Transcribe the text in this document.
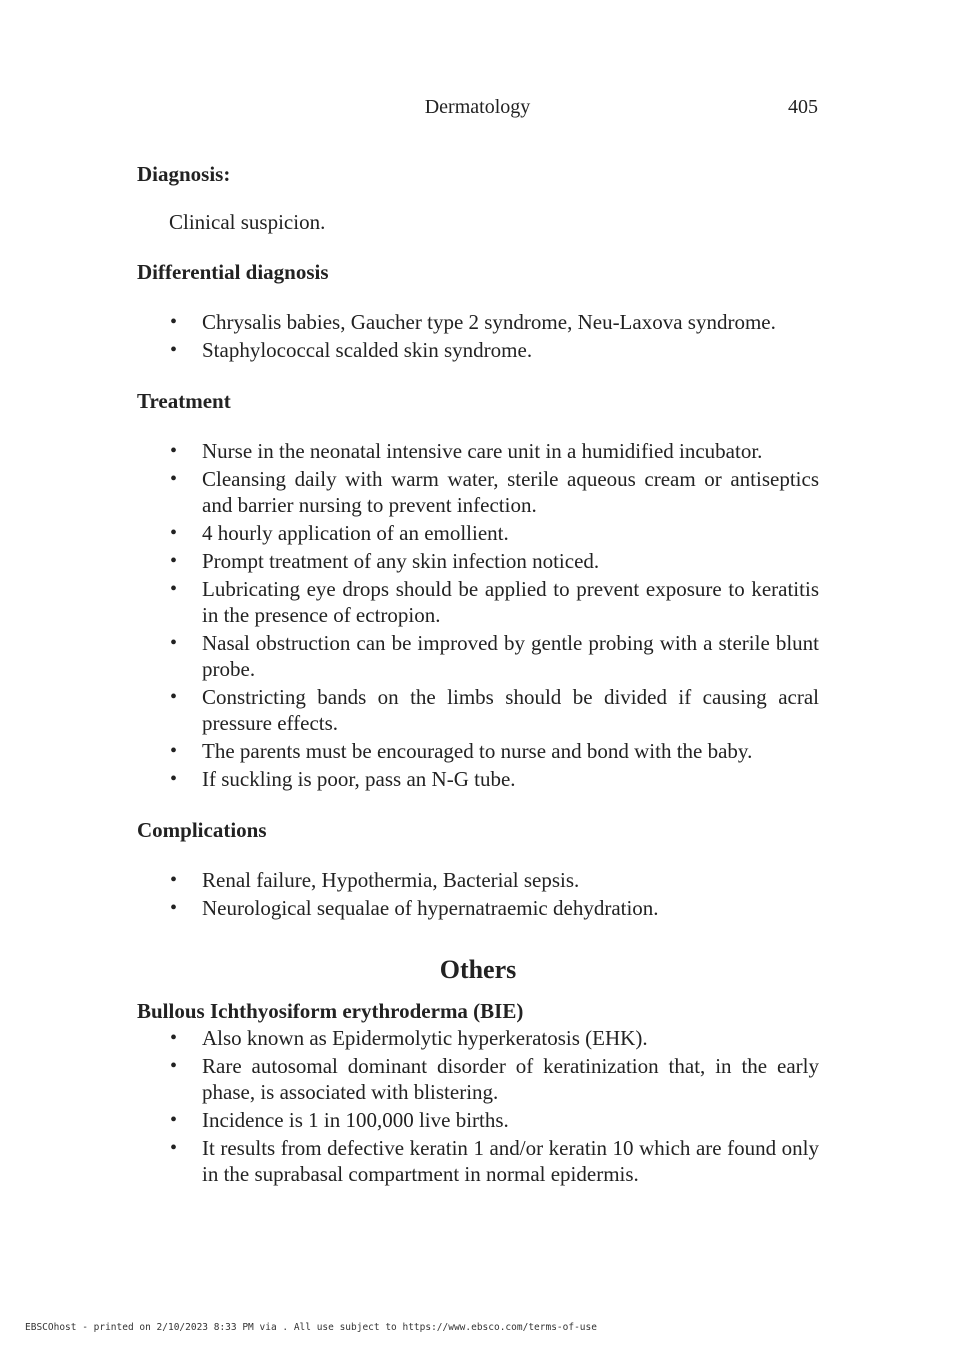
Dermatology	405
Diagnosis:
Clinical suspicion.
Differential diagnosis
• Chrysalis babies, Gaucher type 2 syndrome, Neu-Laxova syndrome.
• Staphylococcal scalded skin syndrome.
Treatment
• Nurse in the neonatal intensive care unit in a humidified incubator.
• Cleansing daily with warm water, sterile aqueous cream or antiseptics and barrier nursing to prevent infection.
• 4 hourly application of an emollient.
• Prompt treatment of any skin infection noticed.
• Lubricating eye drops should be applied to prevent exposure to keratitis in the presence of ectropion.
• Nasal obstruction can be improved by gentle probing with a sterile blunt probe.
• Constricting bands on the limbs should be divided if causing acral pressure effects.
• The parents must be encouraged to nurse and bond with the baby.
• If suckling is poor, pass an N-G tube.
Complications
• Renal failure, Hypothermia, Bacterial sepsis.
• Neurological sequalae of hypernatraemic dehydration.
Others
Bullous Ichthyosiform erythroderma (BIE)
• Also known as Epidermolytic hyperkeratosis (EHK).
• Rare autosomal dominant disorder of keratinization that, in the early phase, is associated with blistering.
• Incidence is 1 in 100,000 live births.
• It results from defective keratin 1 and/or keratin 10 which are found only in the suprabasal compartment in normal epidermis.
EBSCOhost - printed on 2/10/2023 8:33 PM via . All use subject to https://www.ebsco.com/terms-of-use
